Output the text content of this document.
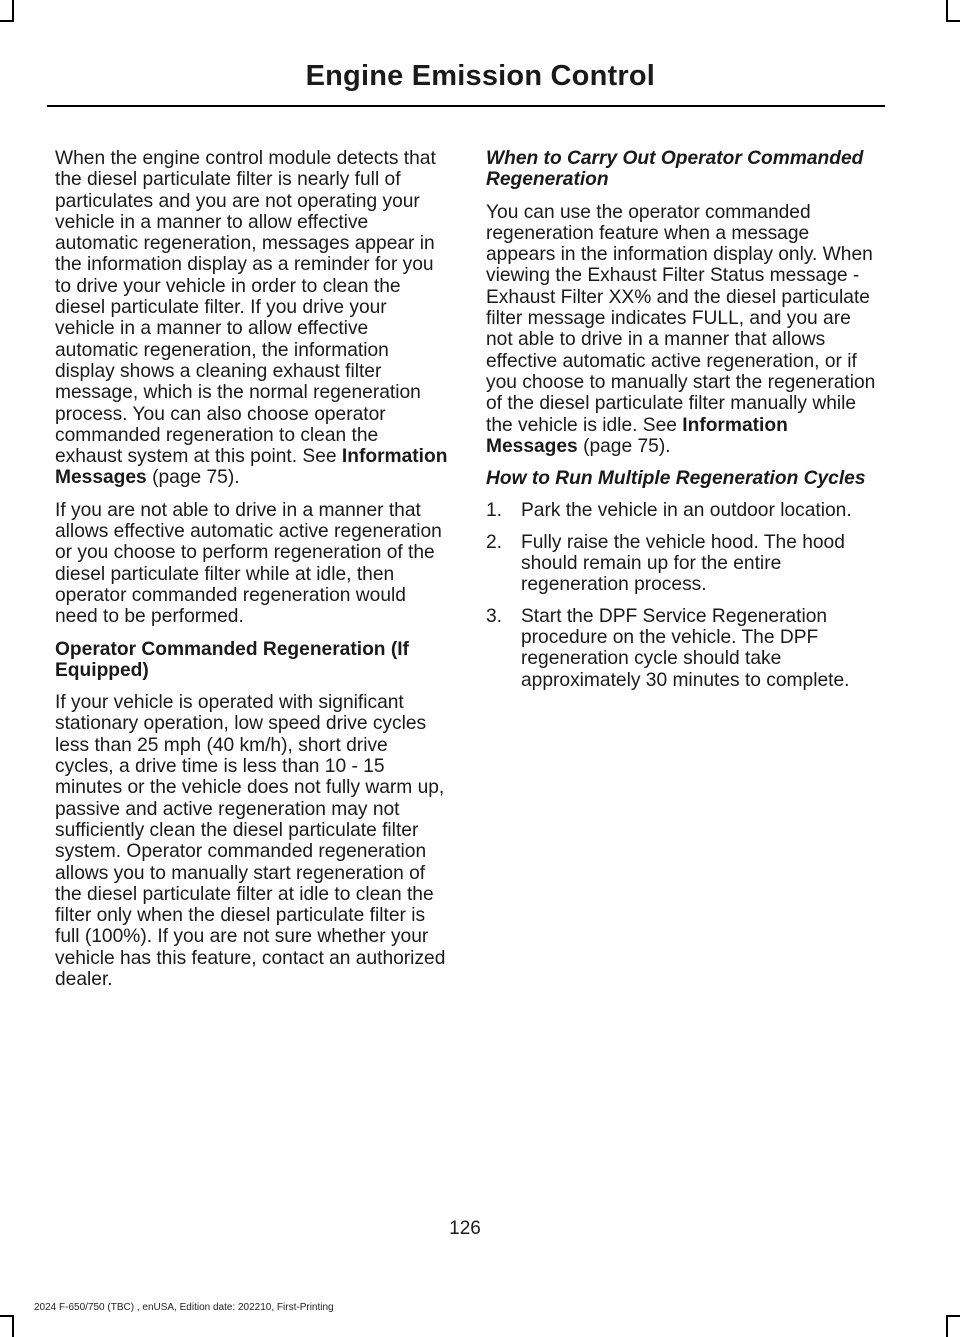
Engine Emission Control

When the engine control module detects that the diesel particulate filter is nearly full of particulates and you are not operating your vehicle in a manner to allow effective automatic regeneration, messages appear in the information display as a reminder for you to drive your vehicle in order to clean the diesel particulate filter. If you drive your vehicle in a manner to allow effective automatic regeneration, the information display shows a cleaning exhaust filter message, which is the normal regeneration process. You can also choose operator commanded regeneration to clean the exhaust system at this point. See Information Messages (page 75).

If you are not able to drive in a manner that allows effective automatic active regeneration or you choose to perform regeneration of the diesel particulate filter while at idle, then operator commanded regeneration would need to be performed.

Operator Commanded Regeneration (If Equipped)

If your vehicle is operated with significant stationary operation, low speed drive cycles less than 25 mph (40 km/h), short drive cycles, a drive time is less than 10 - 15 minutes or the vehicle does not fully warm up, passive and active regeneration may not sufficiently clean the diesel particulate filter system. Operator commanded regeneration allows you to manually start regeneration of the diesel particulate filter at idle to clean the filter only when the diesel particulate filter is full (100%). If you are not sure whether your vehicle has this feature, contact an authorized dealer.

When to Carry Out Operator Commanded Regeneration

You can use the operator commanded regeneration feature when a message appears in the information display only. When viewing the Exhaust Filter Status message - Exhaust Filter XX% and the diesel particulate filter message indicates FULL, and you are not able to drive in a manner that allows effective automatic active regeneration, or if you choose to manually start the regeneration of the diesel particulate filter manually while the vehicle is idle. See Information Messages (page 75).

How to Run Multiple Regeneration Cycles
1. Park the vehicle in an outdoor location.
2. Fully raise the vehicle hood. The hood should remain up for the entire regeneration process.
3. Start the DPF Service Regeneration procedure on the vehicle. The DPF regeneration cycle should take approximately 30 minutes to complete.
126
2024 F-650/750 (TBC) , enUSA, Edition date: 202210, First-Printing
